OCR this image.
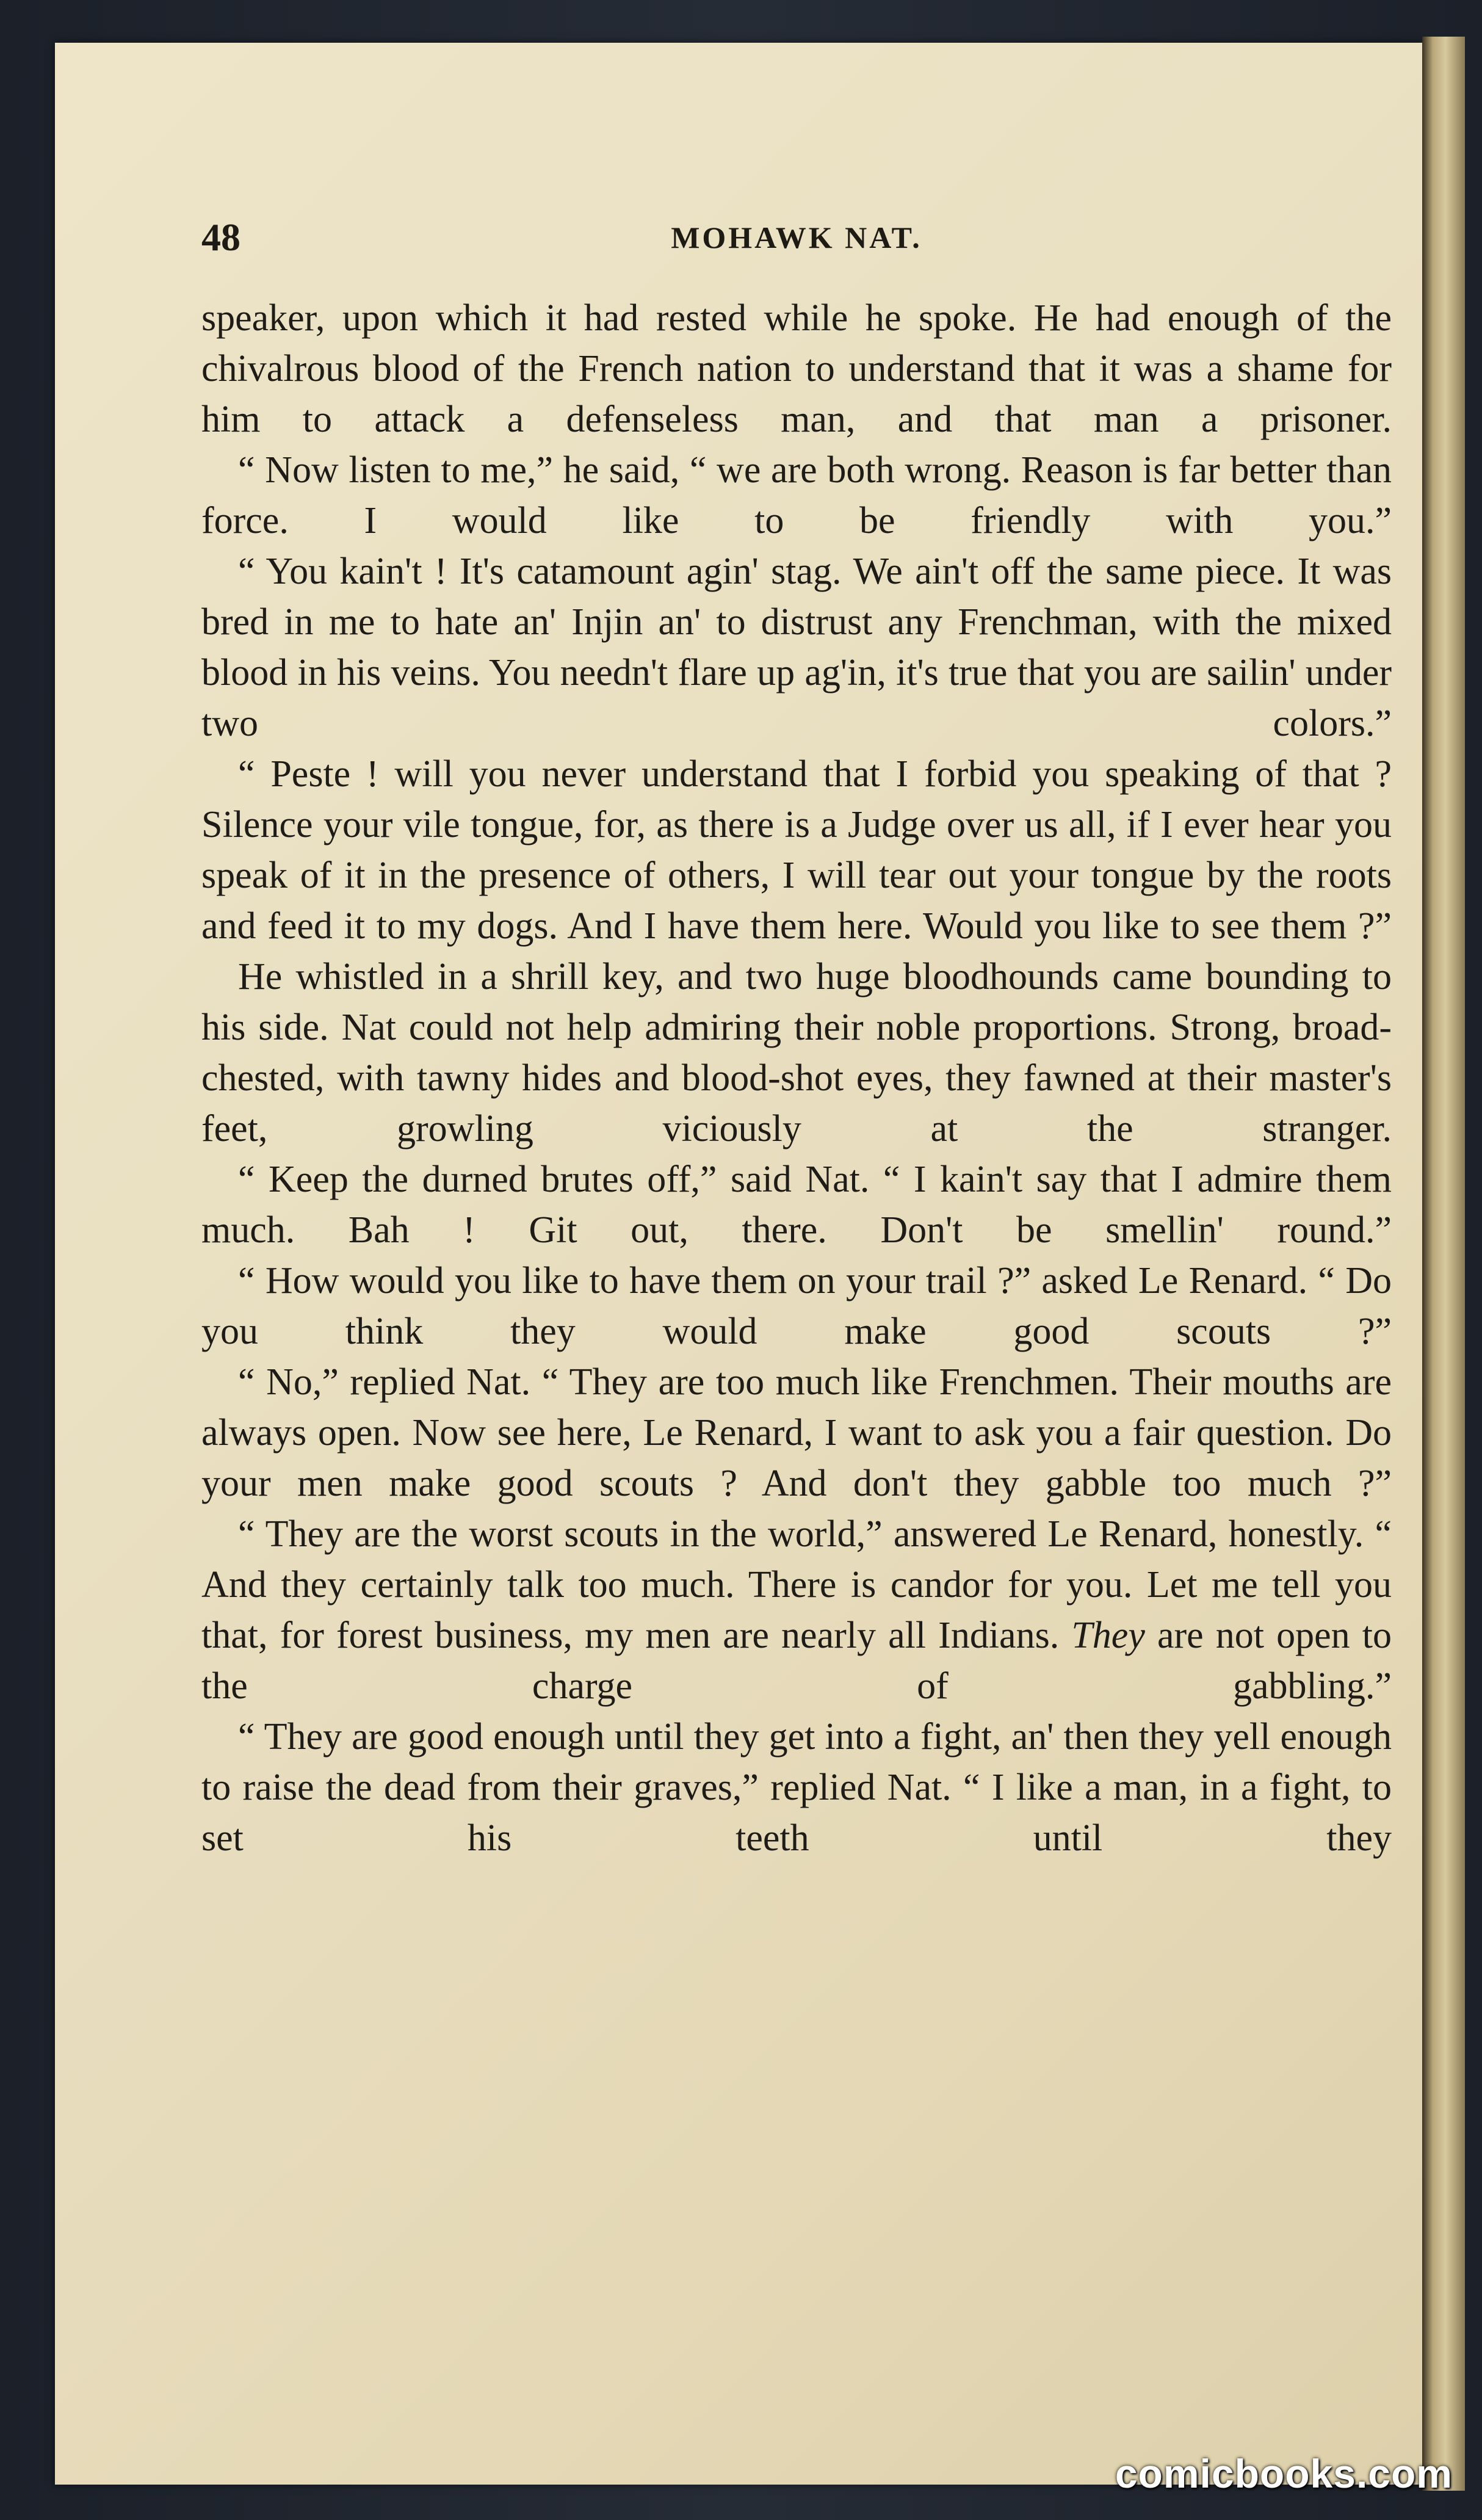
48	MOHAWK NAT.

speaker, upon which it had rested while he spoke. He had enough of the chivalrous blood of the French nation to understand that it was a shame for him to attack a defenseless man, and that man a prisoner.

“ Now listen to me,” he said, “ we are both wrong. Reason is far better than force. I would like to be friendly with you.”

“ You kain't ! It's catamount agin' stag. We ain't off the same piece. It was bred in me to hate an' Injin an' to distrust any Frenchman, with the mixed blood in his veins. You needn't flare up ag'in, it's true that you are sailin' under two colors.”

“ Peste ! will you never understand that I forbid you speaking of that ? Silence your vile tongue, for, as there is a Judge over us all, if I ever hear you speak of it in the presence of others, I will tear out your tongue by the roots and feed it to my dogs. And I have them here. Would you like to see them ?”

He whistled in a shrill key, and two huge bloodhounds came bounding to his side. Nat could not help admiring their noble proportions. Strong, broad-chested, with tawny hides and blood-shot eyes, they fawned at their master's feet, growling viciously at the stranger.

“ Keep the durned brutes off,” said Nat. “ I kain't say that I admire them much. Bah ! Git out, there. Don't be smellin' round.”

“ How would you like to have them on your trail ?” asked Le Renard. “ Do you think they would make good scouts ?”

“ No,” replied Nat. “ They are too much like Frenchmen. Their mouths are always open. Now see here, Le Renard, I want to ask you a fair question. Do your men make good scouts ? And don't they gabble too much ?”

“ They are the worst scouts in the world,” answered Le Renard, honestly. “ And they certainly talk too much. There is candor for you. Let me tell you that, for forest business, my men are nearly all Indians. They are not open to the charge of gabbling.”

“ They are good enough until they get into a fight, an' then they yell enough to raise the dead from their graves,” replied Nat. “ I like a man, in a fight, to set his teeth until they

comicbooks.com
